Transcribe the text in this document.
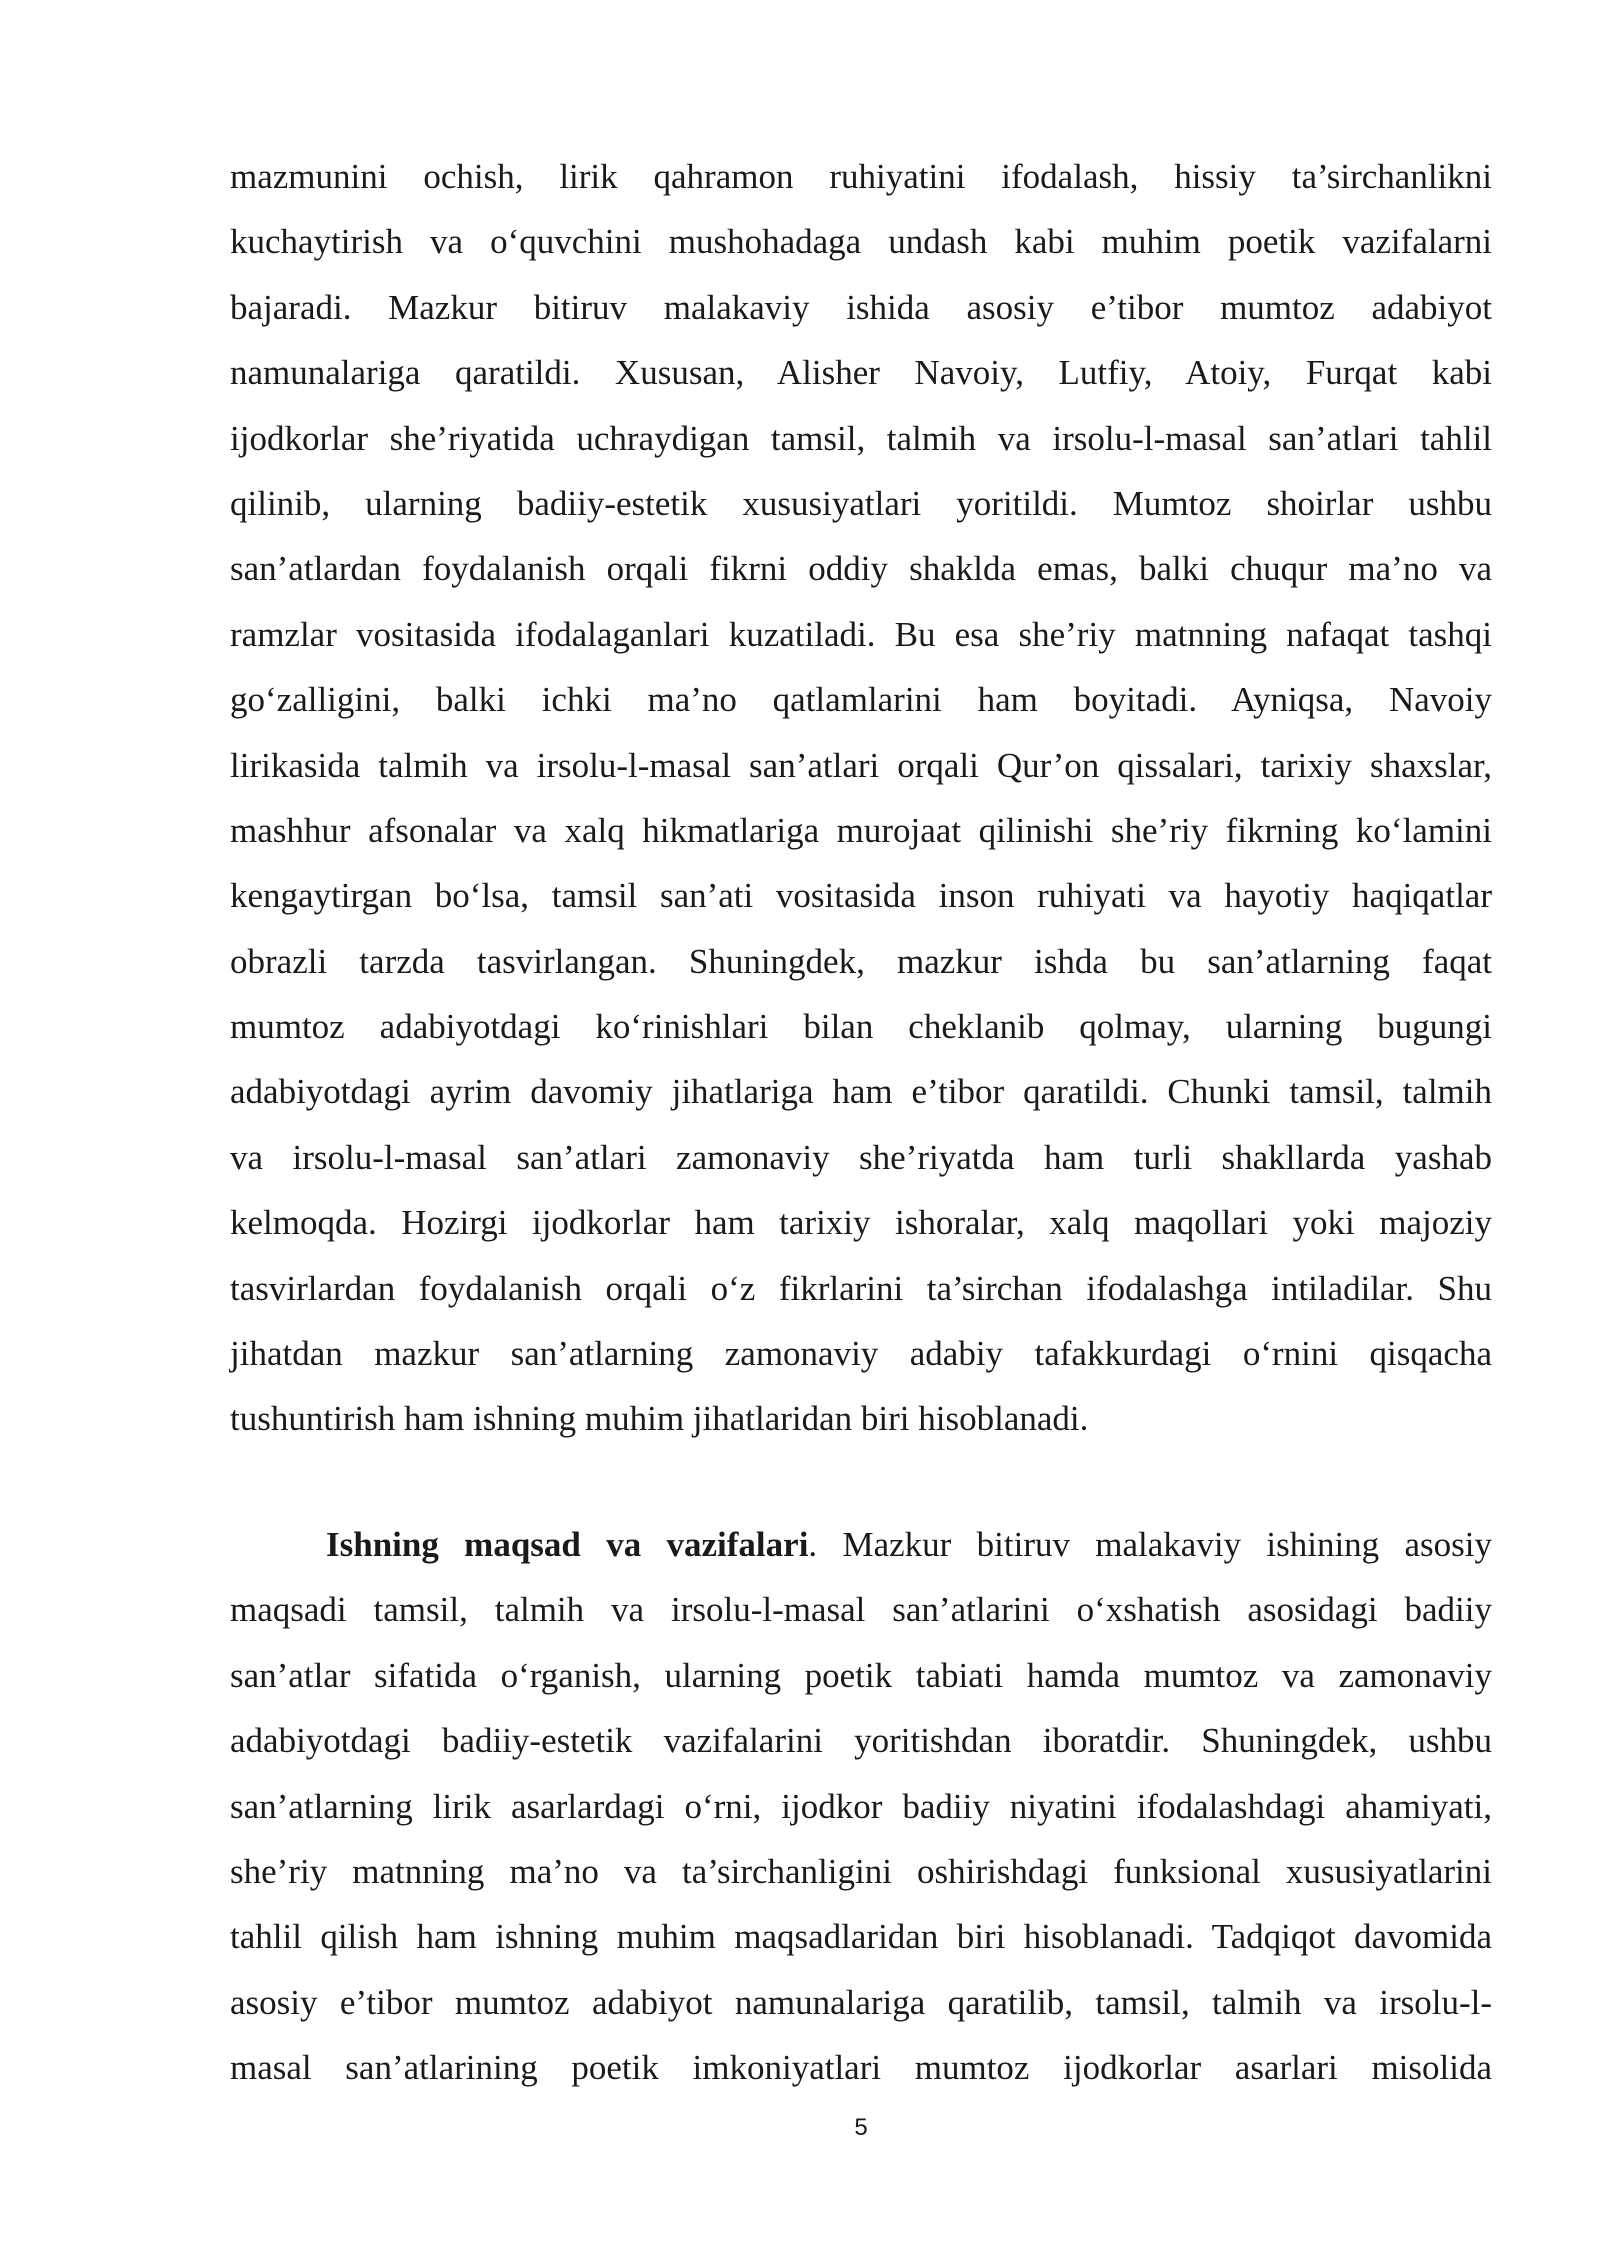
mazmunini ochish, lirik qahramon ruhiyatini ifodalash, hissiy ta’sirchanlikni
kuchaytirish va o‘quvchini mushohadaga undash kabi muhim poetik vazifalarni
bajaradi. Mazkur bitiruv malakaviy ishida asosiy e’tibor mumtoz adabiyot
namunalariga qaratildi. Xususan, Alisher Navoiy, Lutfiy, Atoiy, Furqat kabi
ijodkorlar she’riyatida uchraydigan tamsil, talmih va irsolu-l-masal san’atlari tahlil
qilinib, ularning badiiy-estetik xususiyatlari yoritildi. Mumtoz shoirlar ushbu
san’atlardan foydalanish orqali fikrni oddiy shaklda emas, balki chuqur ma’no va
ramzlar vositasida ifodalaganlari kuzatiladi. Bu esa she’riy matnning nafaqat tashqi
go‘zalligini, balki ichki ma’no qatlamlarini ham boyitadi. Ayniqsa, Navoiy
lirikasida talmih va irsolu-l-masal san’atlari orqali Qur’on qissalari, tarixiy shaxslar,
mashhur afsonalar va xalq hikmatlariga murojaat qilinishi she’riy fikrning ko‘lamini
kengaytirgan bo‘lsa, tamsil san’ati vositasida inson ruhiyati va hayotiy haqiqatlar
obrazli tarzda tasvirlangan. Shuningdek, mazkur ishda bu san’atlarning faqat
mumtoz adabiyotdagi ko‘rinishlari bilan cheklanib qolmay, ularning bugungi
adabiyotdagi ayrim davomiy jihatlariga ham e’tibor qaratildi. Chunki tamsil, talmih
va irsolu-l-masal san’atlari zamonaviy she’riyatda ham turli shakllarda yashab
kelmoqda. Hozirgi ijodkorlar ham tarixiy ishoralar, xalq maqollari yoki majoziy
tasvirlardan foydalanish orqali o‘z fikrlarini ta’sirchan ifodalashga intiladilar. Shu
jihatdan mazkur san’atlarning zamonaviy adabiy tafakkurdagi o‘rnini qisqacha
tushuntirish ham ishning muhim jihatlaridan biri hisoblanadi.
Ishning maqsad va vazifalari. Mazkur bitiruv malakaviy ishining asosiy
maqsadi tamsil, talmih va irsolu-l-masal san’atlarini o‘xshatish asosidagi badiiy
san’atlar sifatida o‘rganish, ularning poetik tabiati hamda mumtoz va zamonaviy
adabiyotdagi badiiy-estetik vazifalarini yoritishdan iboratdir. Shuningdek, ushbu
san’atlarning lirik asarlardagi o‘rni, ijodkor badiiy niyatini ifodalashdagi ahamiyati,
she’riy matnning ma’no va ta’sirchanligini oshirishdagi funksional xususiyatlarini
tahlil qilish ham ishning muhim maqsadlaridan biri hisoblanadi. Tadqiqot davomida
asosiy e’tibor mumtoz adabiyot namunalariga qaratilib, tamsil, talmih va irsolu-l-
masal san’atlarining poetik imkoniyatlari mumtoz ijodkorlar asarlari misolida
5
